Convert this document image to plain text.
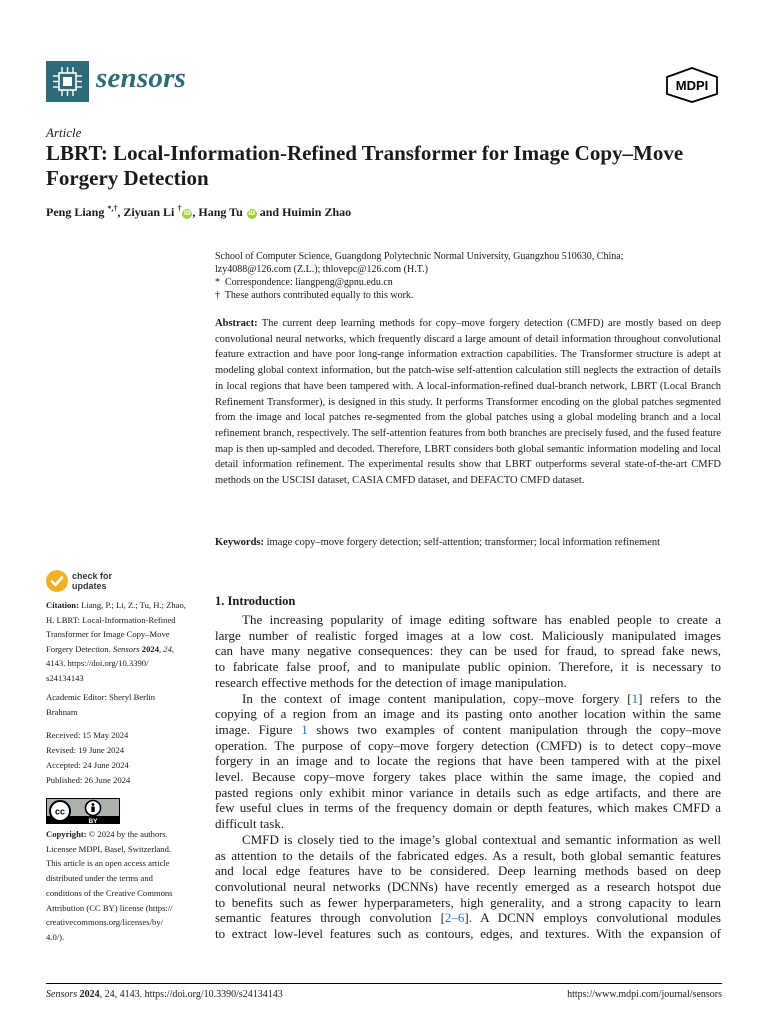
sensors	MDPI
Article
LBRT: Local-Information-Refined Transformer for Image Copy–Move Forgery Detection
Peng Liang *,†, Ziyuan Li †iD, Hang Tu iD and Huimin Zhao
School of Computer Science, Guangdong Polytechnic Normal University, Guangzhou 510630, China;
lzy4088@126.com (Z.L.); thlovepc@126.com (H.T.)
* Correspondence: liangpeng@gpnu.edu.cn
† These authors contributed equally to this work.
Abstract: The current deep learning methods for copy–move forgery detection (CMFD) are mostly based on deep convolutional neural networks, which frequently discard a large amount of detail information throughout convolutional feature extraction and have poor long-range information extraction capabilities. The Transformer structure is adept at modeling global context information, but the patch-wise self-attention calculation still neglects the extraction of details in local regions that have been tampered with. A local-information-refined dual-branch network, LBRT (Local Branch Refinement Transformer), is designed in this study. It performs Transformer encoding on the global patches segmented from the image and local patches re-segmented from the global patches using a global modeling branch and a local refinement branch, respectively. The self-attention features from both branches are precisely fused, and the fused feature map is then up-sampled and decoded. Therefore, LBRT considers both global semantic information modeling and local detail information refinement. The experimental results show that LBRT outperforms several state-of-the-art CMFD methods on the USCISI dataset, CASIA CMFD dataset, and DEFACTO CMFD dataset.
Keywords: image copy–move forgery detection; self-attention; transformer; local information refinement
check for
updates
Citation: Liang, P.; Li, Z.; Tu, H.; Zhao,
H. LBRT: Local-Information-Refined
Transformer for Image Copy–Move
Forgery Detection. Sensors 2024, 24,
4143. https://doi.org/10.3390/
s24134143
Academic Editor: Sheryl Berlin
Brahnam
Received: 15 May 2024
Revised: 19 June 2024
Accepted: 24 June 2024
Published: 26 June 2024
cc
BY
Copyright: © 2024 by the authors.
Licensee MDPI, Basel, Switzerland.
This article is an open access article
distributed under the terms and
conditions of the Creative Commons
Attribution (CC BY) license (https://
creativecommons.org/licenses/by/
4.0/).
1. Introduction
The increasing popularity of image editing software has enabled people to create a
large number of realistic forged images at a low cost. Maliciously manipulated images
can have many negative consequences: they can be used for fraud, to spread fake news,
to fabricate false proof, and to manipulate public opinion. Therefore, it is necessary to
research effective methods for the detection of image manipulation.
In the context of image content manipulation, copy–move forgery [1] refers to the
copying of a region from an image and its pasting onto another location within the same
image. Figure 1 shows two examples of content manipulation through the copy–move
operation. The purpose of copy–move forgery detection (CMFD) is to detect copy–move
forgery in an image and to locate the regions that have been tampered with at the pixel
level. Because copy–move forgery takes place within the same image, the copied and
pasted regions only exhibit minor variance in details such as edge artifacts, and there are
few useful clues in terms of the frequency domain or depth features, which makes CMFD a
difficult task.
CMFD is closely tied to the image’s global contextual and semantic information as well
as attention to the details of the fabricated edges. As a result, both global semantic features
and local edge features have to be considered. Deep learning methods based on deep
convolutional neural networks (DCNNs) have recently emerged as a research hotspot due
to benefits such as fewer hyperparameters, high generality, and a strong capacity to learn
semantic features through convolution [2–6]. A DCNN employs convolutional modules
to extract low-level features such as contours, edges, and textures. With the expansion of
Sensors 2024, 24, 4143. https://doi.org/10.3390/s24134143	https://www.mdpi.com/journal/sensors
